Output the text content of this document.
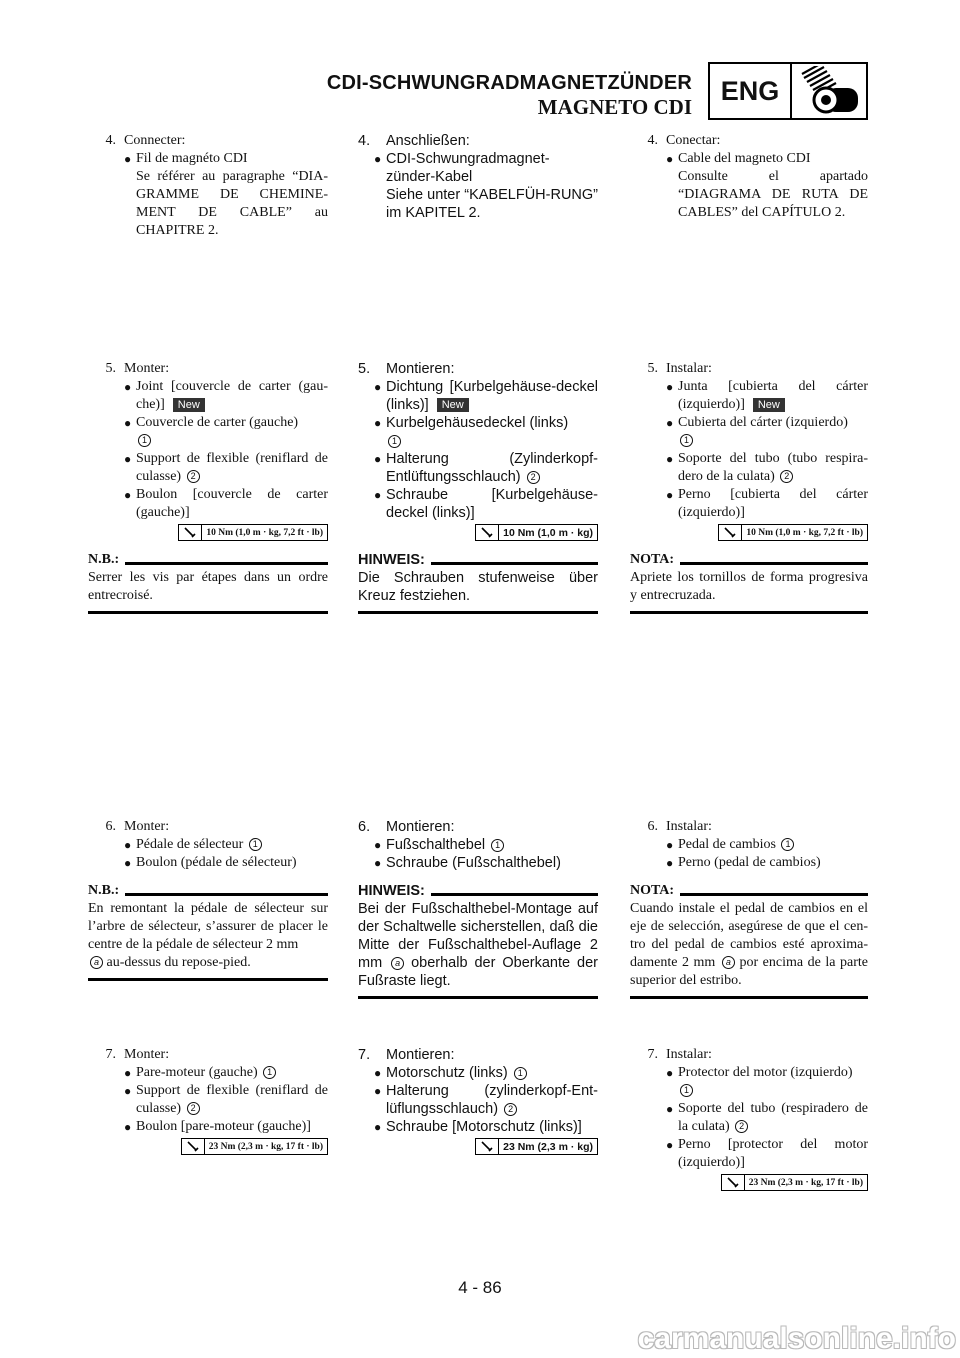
CDI-SCHWUNGRADMAGNETZÜNDER
MAGNETO CDI
ENG
4. Connecter:
● Fil de magnéto CDI
Se référer au paragraphe “DIA-GRAMME DE CHEMINE-MENT DE CABLE” au CHAPITRE 2.
5. Monter:
● Joint [couvercle de carter (gau-che)] New
● Couvercle de carter (gauche)
1
● Support de flexible (reniflard de culasse) 2
● Boulon [couvercle de carter (gauche)]
10 Nm (1,0 m · kg, 7,2 ft · lb)
N.B.:
Serrer les vis par étapes dans un ordre entrecroisé.
6. Monter:
● Pédale de sélecteur 1
● Boulon (pédale de sélecteur)
N.B.:
En remontant la pédale de sélecteur sur l’arbre de sélecteur, s’assurer de placer le centre de la pédale de sélecteur 2 mm
a au-dessus du repose-pied.
7. Monter:
● Pare-moteur (gauche) 1
● Support de flexible (reniflard de culasse) 2
● Boulon [pare-moteur (gauche)]
23 Nm (2,3 m · kg, 17 ft · lb)
4. Anschließen:
● CDI-Schwungradmagnet-zünder-Kabel
Siehe unter “KABELFÜH-RUNG” im KAPITEL 2.
5. Montieren:
● Dichtung [Kurbelgehäuse-deckel (links)] New
● Kurbelgehäusedeckel (links)
1
● Halterung (Zylinderkopf-Entlüftungsschlauch) 2
● Schraube [Kurbelgehäuse-deckel (links)]
10 Nm (1,0 m · kg)
HINWEIS:
Die Schrauben stufenweise über Kreuz festziehen.
6. Montieren:
● Fußschalthebel 1
● Schraube (Fußschalthebel)
HINWEIS:
Bei der Fußschalthebel-Montage auf der Schaltwelle sicherstellen, daß die Mitte der Fußschalthebel-Auflage 2 mm a oberhalb der Oberkante der Fußraste liegt.
7. Montieren:
● Motorschutz (links) 1
● Halterung (zylinderkopf-Ent-lüflungsschlauch) 2
● Schraube [Motorschutz (links)]
23 Nm (2,3 m · kg)
4. Conectar:
● Cable del magneto CDI
Consulte el apartado “DIAGRAMA DE RUTA DE CABLES” del CAPÍTULO 2.
5. Instalar:
● Junta [cubierta del cárter (izquierdo)] New
● Cubierta del cárter (izquierdo)
1
● Soporte del tubo (tubo respira-dero de la culata) 2
● Perno [cubierta del cárter (izquierdo)]
10 Nm (1,0 m · kg, 7,2 ft · lb)
NOTA:
Apriete los tornillos de forma progresiva y entrecruzada.
6. Instalar:
● Pedal de cambios 1
● Perno (pedal de cambios)
NOTA:
Cuando instale el pedal de cambios en el eje de selección, asegúrese de que el cen-tro del pedal de cambios esté aproxima-damente 2 mm a por encima de la parte superior del estribo.
7. Instalar:
● Protector del motor (izquierdo)
1
● Soporte del tubo (respiradero de la culata) 2
● Perno [protector del motor (izquierdo)]
23 Nm (2,3 m · kg, 17 ft · lb)
4 - 86
carmanualsonline.info
